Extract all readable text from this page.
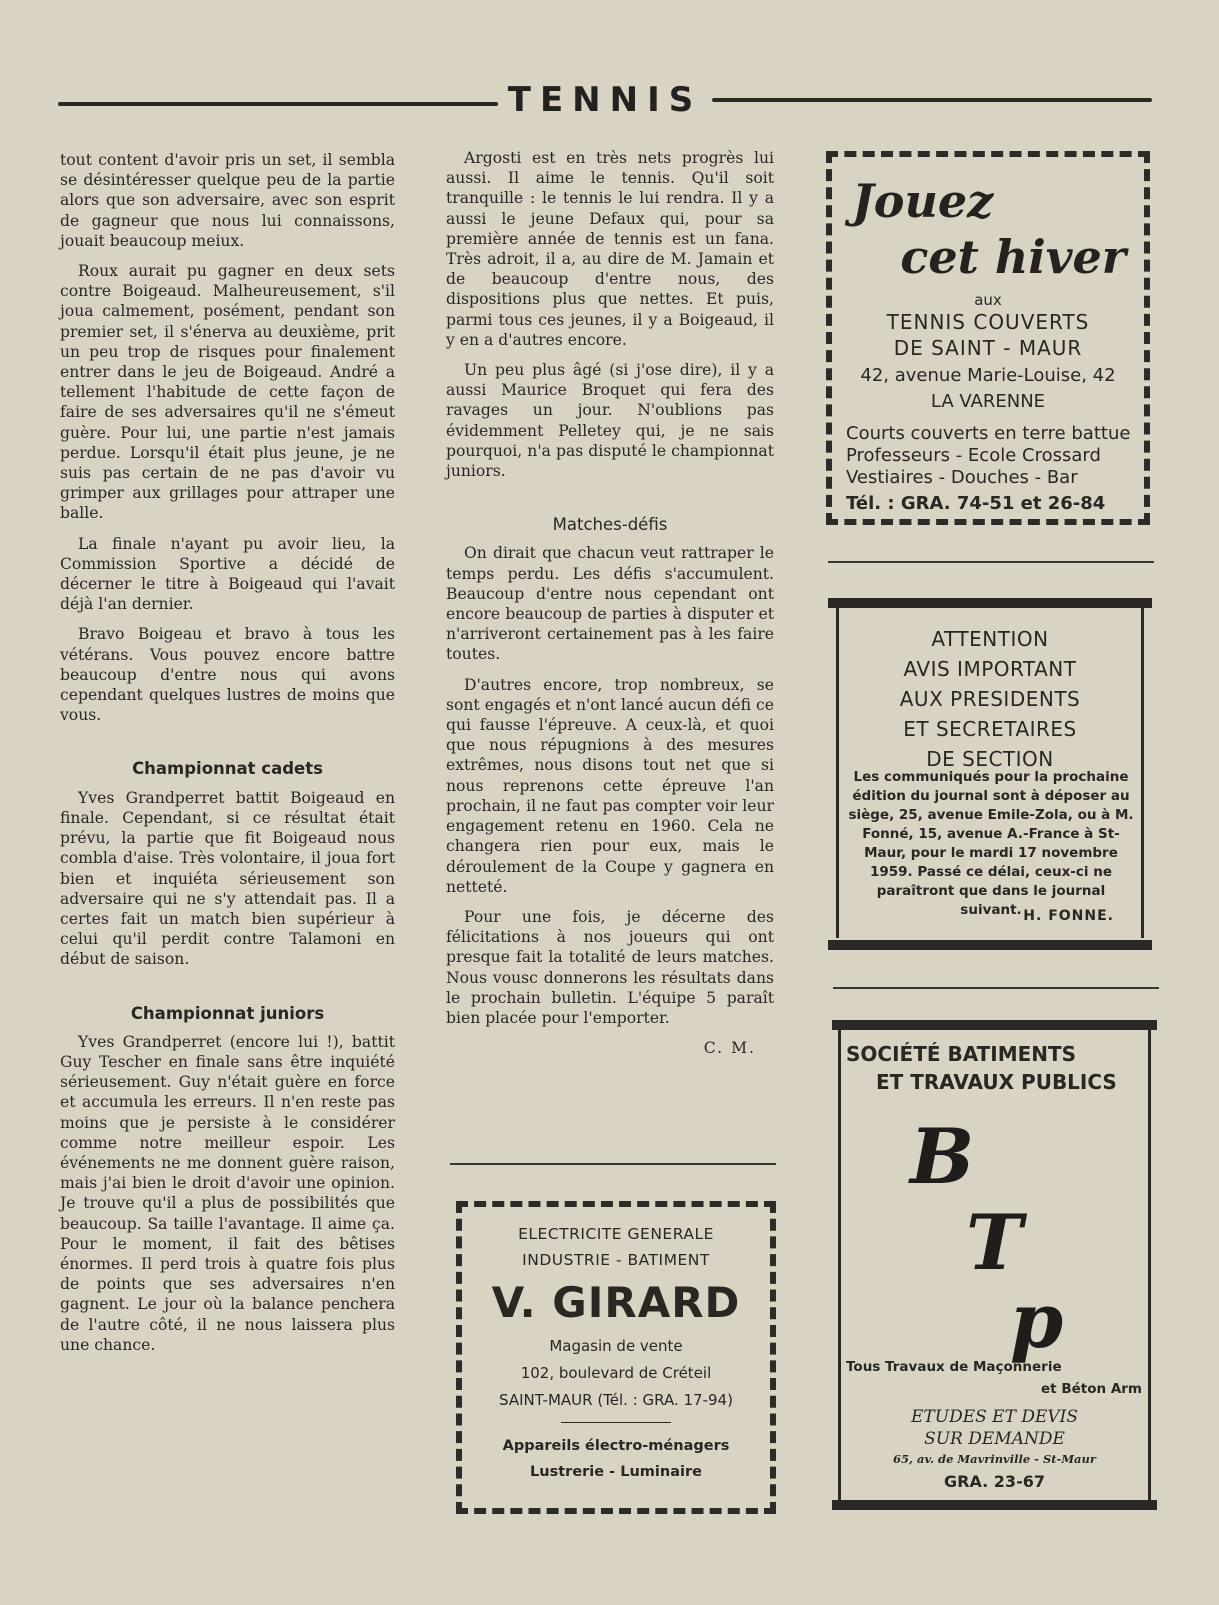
TENNIS

tout content d'avoir pris un set, il sembla se désintéresser quelque peu de la partie alors que son adversaire, avec son esprit de gagneur que nous lui connaissons, jouait beaucoup meiux.

Roux aurait pu gagner en deux sets contre Boigeaud. Malheureusement, s'il joua calmement, posément, pendant son premier set, il s'énerva au deuxième, prit un peu trop de risques pour finalement entrer dans le jeu de Boigeaud. André a tellement l'habitude de cette façon de faire de ses adversaires qu'il ne s'émeut guère. Pour lui, une partie n'est jamais perdue. Lorsqu'il était plus jeune, je ne suis pas certain de ne pas d'avoir vu grimper aux grillages pour attraper une balle.

La finale n'ayant pu avoir lieu, la Commission Sportive a décidé de décerner le titre à Boigeaud qui l'avait déjà l'an dernier.

Bravo Boigeau et bravo à tous les vétérans. Vous pouvez encore battre beaucoup d'entre nous qui avons cependant quelques lustres de moins que vous.

Championnat cadets

Yves Grandperret battit Boigeaud en finale. Cependant, si ce résultat était prévu, la partie que fit Boigeaud nous combla d'aise. Très volontaire, il joua fort bien et inquiéta sérieusement son adversaire qui ne s'y attendait pas. Il a certes fait un match bien supérieur à celui qu'il perdit contre Talamoni en début de saison.

Championnat juniors

Yves Grandperret (encore lui !), battit Guy Tescher en finale sans être inquiété sérieusement. Guy n'était guère en force et accumula les erreurs. Il n'en reste pas moins que je persiste à le considérer comme notre meilleur espoir. Les événements ne me donnent guère raison, mais j'ai bien le droit d'avoir une opinion. Je trouve qu'il a plus de possibilités que beaucoup. Sa taille l'avantage. Il aime ça. Pour le moment, il fait des bêtises énormes. Il perd trois à quatre fois plus de points que ses adversaires n'en gagnent. Le jour où la balance penchera de l'autre côté, il ne nous laissera plus une chance.

Argosti est en très nets progrès lui aussi. Il aime le tennis. Qu'il soit tranquille : le tennis le lui rendra. Il y a aussi le jeune Defaux qui, pour sa première année de tennis est un fana. Très adroit, il a, au dire de M. Jamain et de beaucoup d'entre nous, des dispositions plus que nettes. Et puis, parmi tous ces jeunes, il y a Boigeaud, il y en a d'autres encore.

Un peu plus âgé (si j'ose dire), il y a aussi Maurice Broquet qui fera des ravages un jour. N'oublions pas évidemment Pelletey qui, je ne sais pourquoi, n'a pas disputé le championnat juniors.

Matches-défis

On dirait que chacun veut rattraper le temps perdu. Les défis s'accumulent. Beaucoup d'entre nous cependant ont encore beaucoup de parties à disputer et n'arriveront certainement pas à les faire toutes.

D'autres encore, trop nombreux, se sont engagés et n'ont lancé aucun défi ce qui fausse l'épreuve. A ceux-là, et quoi que nous répugnions à des mesures extrêmes, nous disons tout net que si nous reprenons cette épreuve l'an prochain, il ne faut pas compter voir leur engagement retenu en 1960. Cela ne changera rien pour eux, mais le déroulement de la Coupe y gagnera en netteté.

Pour une fois, je décerne des félicitations à nos joueurs qui ont presque fait la totalité de leurs matches. Nous vousc donnerons les résultats dans le prochain bulletin. L'équipe 5 paraît bien placée pour l'emporter.

C. M.
Jouez
cet hiver
aux
TENNIS COUVERTS
DE SAINT - MAUR
42, avenue Marie-Louise, 42
LA VARENNE
Courts couverts en terre battue
Professeurs - Ecole Crossard
Vestiaires - Douches - Bar
Tél. : GRA. 74-51 et 26-84
ATTENTION
AVIS IMPORTANT
AUX PRESIDENTS
ET SECRETAIRES
DE SECTION
Les communiqués pour la prochaine édition du journal sont à déposer au siège, 25, avenue Emile-Zola, ou à M. Fonné, 15, avenue A.-France à St-Maur, pour le mardi 17 novembre 1959. Passé ce délai, ceux-ci ne paraîtront que dans le journal suivant. H. FONNE.
SOCIÉTÉ BATIMENTS
ET TRAVAUX PUBLICS
B
T
p
Tous Travaux de Maçonnerie
et Béton Arm
ETUDES ET DEVIS
SUR DEMANDE
65, av. de Mavrinville - St-Maur
GRA. 23-67
ELECTRICITE GENERALE
INDUSTRIE - BATIMENT
V. GIRARD
Magasin de vente
102, boulevard de Créteil
SAINT-MAUR (Tél. : GRA. 17-94)
Appareils électro-ménagers
Lustrerie - Luminaire
